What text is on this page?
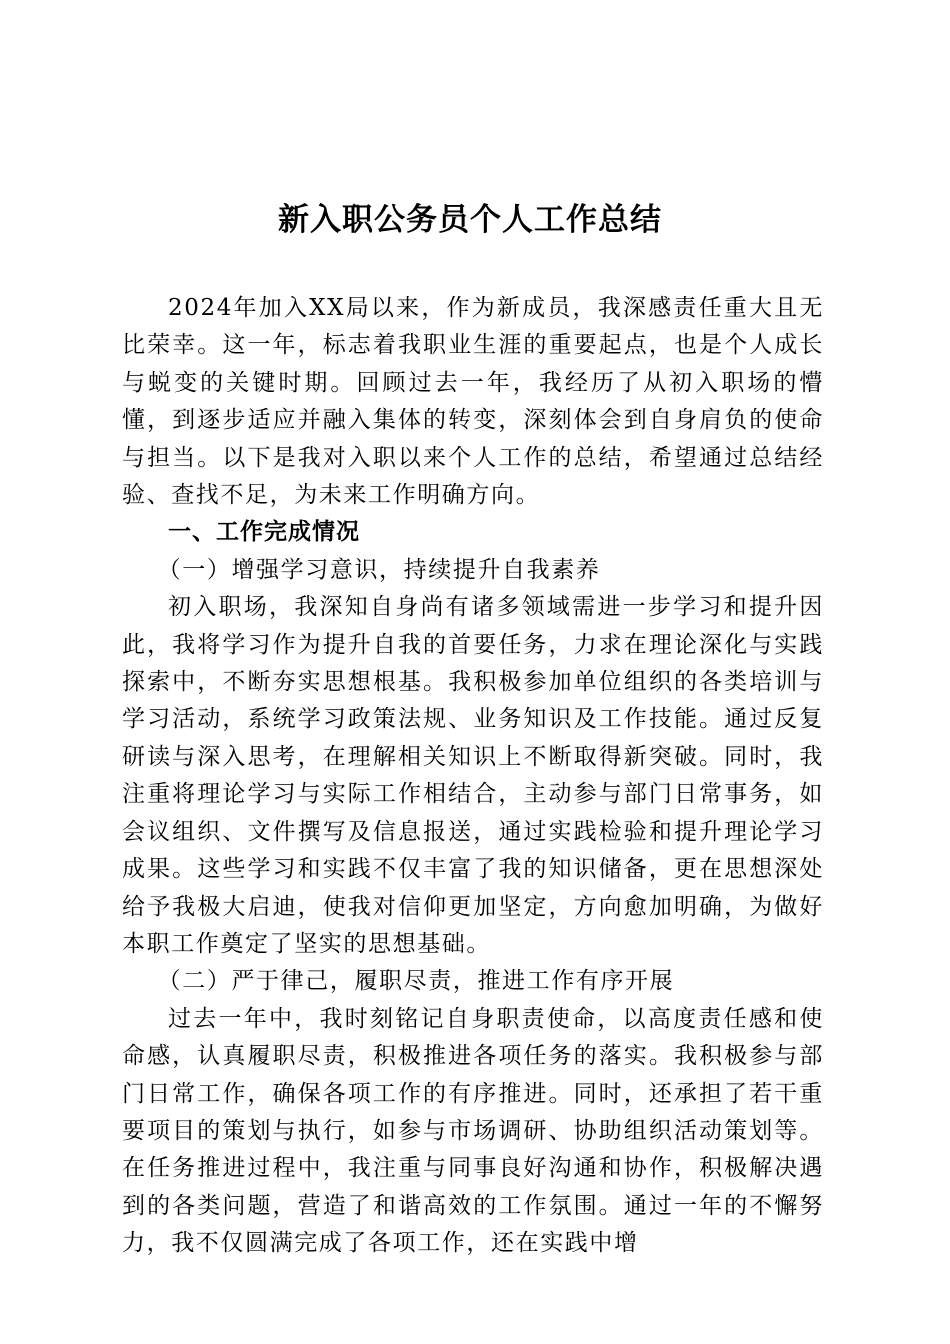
新入职公务员个人工作总结

2024年加入XX局以来，作为新成员，我深感责任重大且无比荣幸。这一年，标志着我职业生涯的重要起点，也是个人成长与蜕变的关键时期。回顾过去一年，我经历了从初入职场的懵懂，到逐步适应并融入集体的转变，深刻体会到自身肩负的使命与担当。以下是我对入职以来个人工作的总结，希望通过总结经验、查找不足，为未来工作明确方向。

一、工作完成情况

（一）增强学习意识，持续提升自我素养

初入职场，我深知自身尚有诸多领域需进一步学习和提升因此，我将学习作为提升自我的首要任务，力求在理论深化与实践探索中，不断夯实思想根基。我积极参加单位组织的各类培训与学习活动，系统学习政策法规、业务知识及工作技能。通过反复研读与深入思考，在理解相关知识上不断取得新突破。同时，我注重将理论学习与实际工作相结合，主动参与部门日常事务，如会议组织、文件撰写及信息报送，通过实践检验和提升理论学习成果。这些学习和实践不仅丰富了我的知识储备，更在思想深处给予我极大启迪，使我对信仰更加坚定，方向愈加明确，为做好本职工作奠定了坚实的思想基础。

（二）严于律己，履职尽责，推进工作有序开展

过去一年中，我时刻铭记自身职责使命，以高度责任感和使命感，认真履职尽责，积极推进各项任务的落实。我积极参与部门日常工作，确保各项工作的有序推进。同时，还承担了若干重要项目的策划与执行，如参与市场调研、协助组织活动策划等。在任务推进过程中，我注重与同事良好沟通和协作，积极解决遇到的各类问题，营造了和谐高效的工作氛围。通过一年的不懈努力，我不仅圆满完成了各项工作，还在实践中增
